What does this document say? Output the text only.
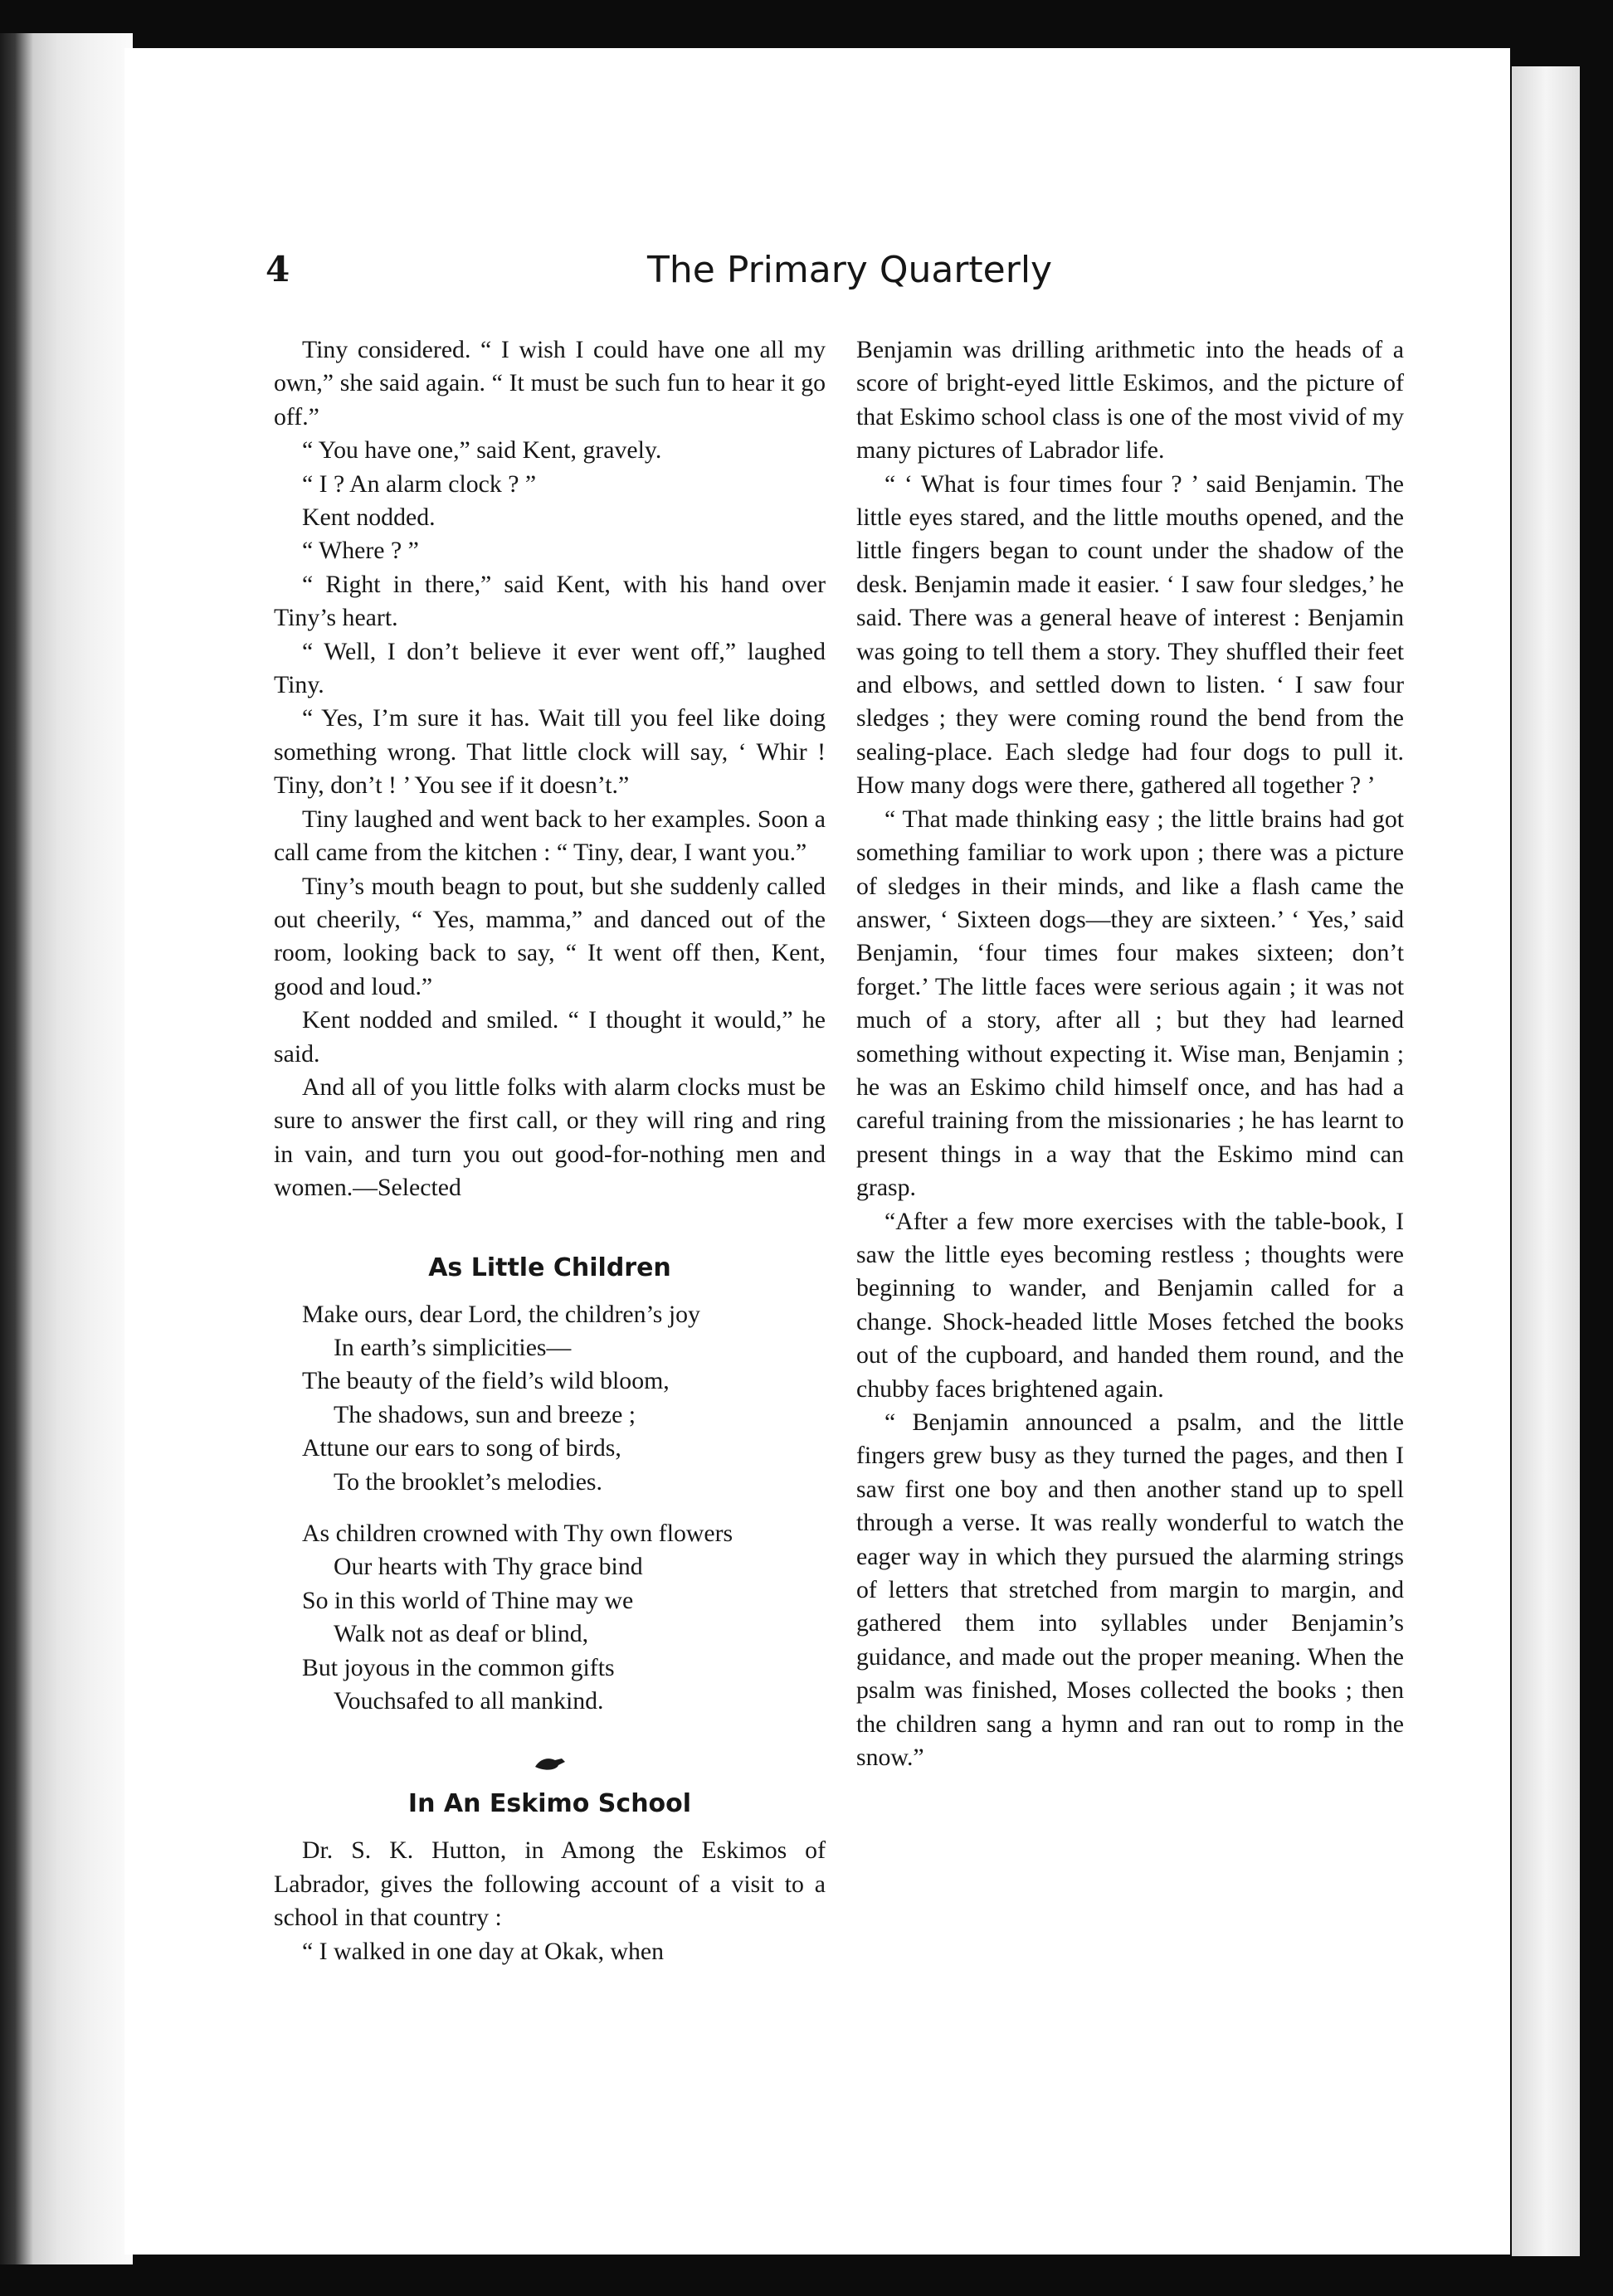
4	The Primary Quarterly

Tiny considered. “ I wish I could have one all my own,” she said again. “ It must be such fun to hear it go off.”

“ You have one,” said Kent, gravely.

“ I ? An alarm clock ? ”

Kent nodded.

“ Where ? ”

“ Right in there,” said Kent, with his hand over Tiny’s heart.

“ Well, I don’t believe it ever went off,” laughed Tiny.

“ Yes, I’m sure it has. Wait till you feel like doing something wrong. That little clock will say, ‘ Whir ! Tiny, don’t ! ’ You see if it doesn’t.”

Tiny laughed and went back to her examples. Soon a call came from the kitchen : “ Tiny, dear, I want you.”

Tiny’s mouth beagn to pout, but she suddenly called out cheerily, “ Yes, mamma,” and danced out of the room, looking back to say, “ It went off then, Kent, good and loud.”

Kent nodded and smiled. “ I thought it would,” he said.

And all of you little folks with alarm clocks must be sure to answer the first call, or they will ring and ring in vain, and turn you out good-for-nothing men and women.—Selected

As Little Children
Make ours, dear Lord, the children’s joy
In earth’s simplicities—
The beauty of the field’s wild bloom,
The shadows, sun and breeze ;
Attune our ears to song of birds,
To the brooklet’s melodies.
As children crowned with Thy own flowers
Our hearts with Thy grace bind
So in this world of Thine may we
Walk not as deaf or blind,
But joyous in the common gifts
Vouchsafed to all mankind.
In An Eskimo School

Dr. S. K. Hutton, in Among the Eskimos of Labrador, gives the following account of a visit to a school in that country :

“ I walked in one day at Okak, when

Benjamin was drilling arithmetic into the heads of a score of bright-eyed little Eskimos, and the picture of that Eskimo school class is one of the most vivid of my many pictures of Labrador life.

“ ‘ What is four times four ? ’ said Benjamin. The little eyes stared, and the little mouths opened, and the little fingers began to count under the shadow of the desk. Benjamin made it easier. ‘ I saw four sledges,’ he said. There was a general heave of interest : Benjamin was going to tell them a story. They shuffled their feet and elbows, and settled down to listen. ‘ I saw four sledges ; they were coming round the bend from the sealing-place. Each sledge had four dogs to pull it. How many dogs were there, gathered all together ? ’

“ That made thinking easy ; the little brains had got something familiar to work upon ; there was a picture of sledges in their minds, and like a flash came the answer, ‘ Sixteen dogs—they are sixteen.’ ‘ Yes,’ said Benjamin, ‘four times four makes sixteen; don’t forget.’ The little faces were serious again ; it was not much of a story, after all ; but they had learned something without expecting it. Wise man, Benjamin ; he was an Eskimo child himself once, and has had a careful training from the missionaries ; he has learnt to present things in a way that the Eskimo mind can grasp.

“After a few more exercises with the table-book, I saw the little eyes becoming restless ; thoughts were beginning to wander, and Benjamin called for a change. Shock-headed little Moses fetched the books out of the cupboard, and handed them round, and the chubby faces brightened again.

“ Benjamin announced a psalm, and the little fingers grew busy as they turned the pages, and then I saw first one boy and then another stand up to spell through a verse. It was really wonderful to watch the eager way in which they pursued the alarming strings of letters that stretched from margin to margin, and gathered them into syllables under Benjamin’s guidance, and made out the proper meaning. When the psalm was finished, Moses collected the books ; then the children sang a hymn and ran out to romp in the snow.”
